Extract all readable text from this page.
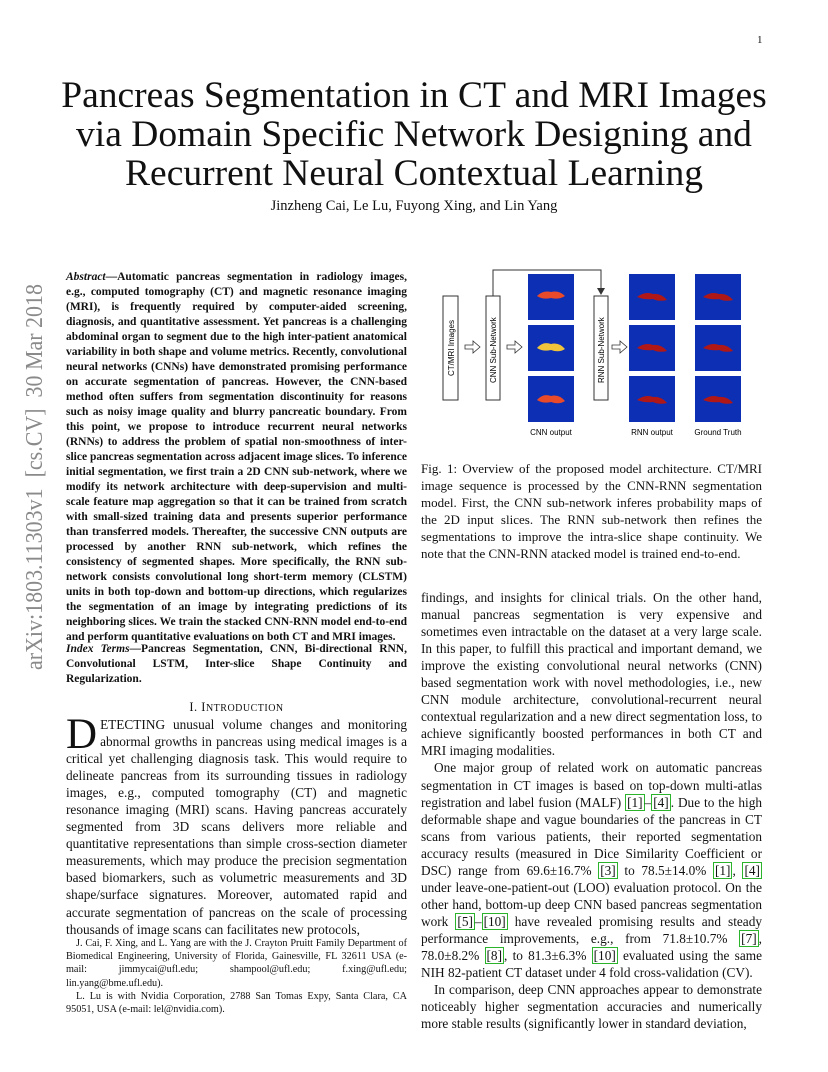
1
Pancreas Segmentation in CT and MRI Images via Domain Specific Network Designing and Recurrent Neural Contextual Learning
Jinzheng Cai, Le Lu, Fuyong Xing, and Lin Yang
arXiv:1803.11303v1  [cs.CV]  30 Mar 2018 Abstract—Automatic pancreas segmentation in radiology images, e.g., computed tomography (CT) and magnetic resonance imaging (MRI), is frequently required by computer-aided screening, diagnosis, and quantitative assessment. Yet pancreas is a challenging abdominal organ to segment due to the high inter-patient anatomical variability in both shape and volume metrics. Recently, convolutional neural networks (CNNs) have demonstrated promising performance on accurate segmentation of pancreas. However, the CNN-based method often suffers from segmentation discontinuity for reasons such as noisy image quality and blurry pancreatic boundary. From this point, we propose to introduce recurrent neural networks (RNNs) to address the problem of spatial non-smoothness of inter-slice pancreas segmentation across adjacent image slices. To inference initial segmentation, we first train a 2D CNN sub-network, where we modify its network architecture with deep-supervision and multi-scale feature map aggregation so that it can be trained from scratch with small-sized training data and presents superior performance than transferred models. Thereafter, the successive CNN outputs are processed by another RNN sub-network, which refines the consistency of segmented shapes. More specifically, the RNN sub-network consists convolutional long short-term memory (CLSTM) units in both top-down and bottom-up directions, which regularizes the segmentation of an image by integrating predictions of its neighboring slices. We train the stacked CNN-RNN model end-to-end and perform quantitative evaluations on both CT and MRI images.
Index Terms—Pancreas Segmentation, CNN, Bi-directional RNN, Convolutional LSTM, Inter-slice Shape Continuity and Regularization.
I. INTRODUCTION
DETECTING unusual volume changes and monitoring abnormal growths in pancreas using medical images is a critical yet challenging diagnosis task. This would require to delineate pancreas from its surrounding tissues in radiology images, e.g., computed tomography (CT) and magnetic resonance imaging (MRI) scans. Having pancreas accurately segmented from 3D scans delivers more reliable and quantitative representations than simple cross-section diameter measurements, which may produce the precision segmentation based biomarkers, such as volumetric measurements and 3D shape/surface signatures. Moreover, automated rapid and accurate segmentation of pancreas on the scale of processing thousands of image scans can facilitates new protocols,

J. Cai, F. Xing, and L. Yang are with the J. Crayton Pruitt Family Department of Biomedical Engineering, University of Florida, Gainesville, FL 32611 USA (e-mail: jimmycai@ufl.edu; shampool@ufl.edu; f.xing@ufl.edu; lin.yang@bme.ufl.edu).

L. Lu is with Nvidia Corporation, 2788 San Tomas Expy, Santa Clara, CA 95051, USA (e-mail: lel@nvidia.com).

CT/MRI Images	CNN Sub-Network	RNN Sub-Network
CNN output	RNN output	Ground Truth
Fig. 1: Overview of the proposed model architecture. CT/MRI image sequence is processed by the CNN-RNN segmentation model. First, the CNN sub-network inferes probability maps of the 2D input slices. The RNN sub-network then refines the segmentations to improve the intra-slice shape continuity. We note that the CNN-RNN atacked model is trained end-to-end.

findings, and insights for clinical trials. On the other hand, manual pancreas segmentation is very expensive and sometimes even intractable on the dataset at a very large scale. In this paper, to fulfill this practical and important demand, we improve the existing convolutional neural networks (CNN) based segmentation work with novel methodologies, i.e., new CNN module architecture, convolutional-recurrent neural contextual regularization and a new direct segmentation loss, to achieve significantly boosted performances in both CT and MRI imaging modalities.

One major group of related work on automatic pancreas segmentation in CT images is based on top-down multi-atlas registration and label fusion (MALF) [1] – [4] . Due to the high deformable shape and vague boundaries of the pancreas in CT scans from various patients, their reported segmentation accuracy results (measured in Dice Similarity Coefficient or DSC) range from 69.6±16.7% [3] to 78.5±14.0% [1] , [4] under leave-one-patient-out (LOO) evaluation protocol. On the other hand, bottom-up deep CNN based pancreas segmentation work [5] – [10] have revealed promising results and steady performance improvements, e.g., from 71.8±10.7% [7] , 78.0±8.2% [8] , to 81.3±6.3% [10] evaluated using the same NIH 82-patient CT dataset under 4 fold cross-validation (CV).

In comparison, deep CNN approaches appear to demonstrate noticeably higher segmentation accuracies and numerically more stable results (significantly lower in standard deviation,
